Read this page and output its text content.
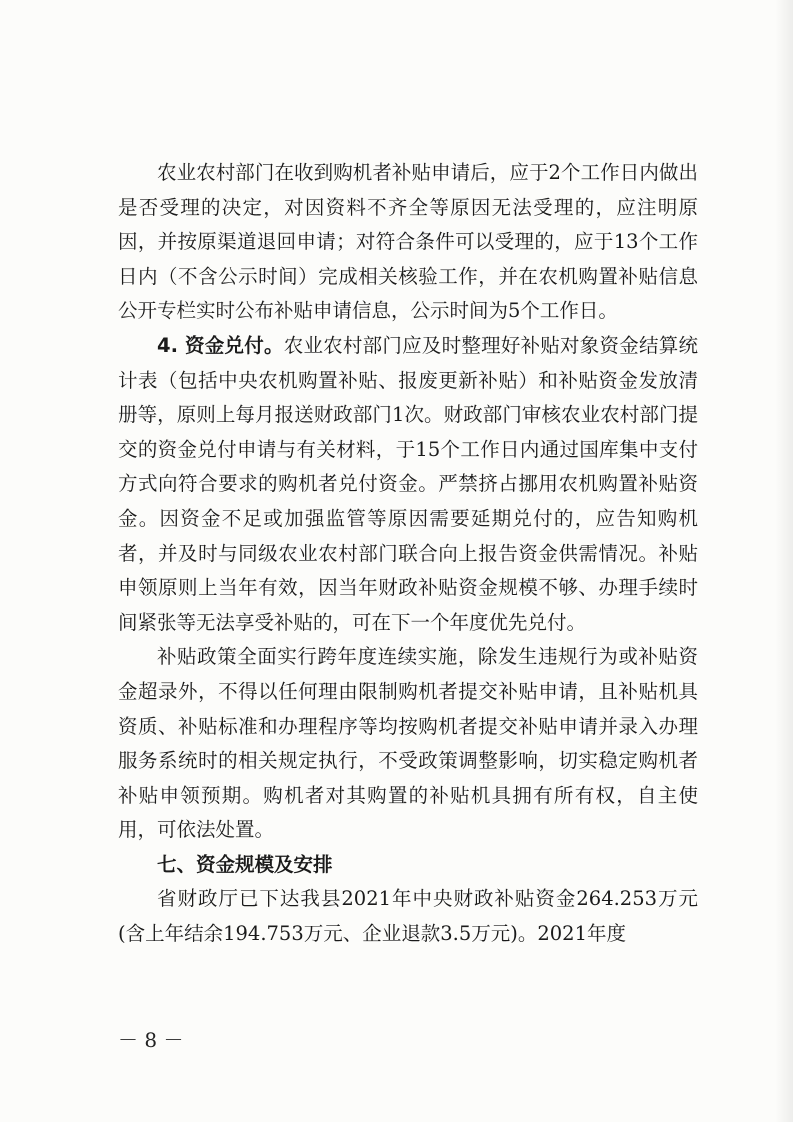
农业农村部门在收到购机者补贴申请后，应于2个工作日内做出是否受理的决定，对因资料不齐全等原因无法受理的，应注明原因，并按原渠道退回申请；对符合条件可以受理的，应于13个工作日内（不含公示时间）完成相关核验工作，并在农机购置补贴信息公开专栏实时公布补贴申请信息，公示时间为5个工作日。

4. 资金兑付。农业农村部门应及时整理好补贴对象资金结算统计表（包括中央农机购置补贴、报废更新补贴）和补贴资金发放清册等，原则上每月报送财政部门1次。财政部门审核农业农村部门提交的资金兑付申请与有关材料，于15个工作日内通过国库集中支付方式向符合要求的购机者兑付资金。严禁挤占挪用农机购置补贴资金。因资金不足或加强监管等原因需要延期兑付的，应告知购机者，并及时与同级农业农村部门联合向上报告资金供需情况。补贴申领原则上当年有效，因当年财政补贴资金规模不够、办理手续时间紧张等无法享受补贴的，可在下一个年度优先兑付。

补贴政策全面实行跨年度连续实施，除发生违规行为或补贴资金超录外，不得以任何理由限制购机者提交补贴申请，且补贴机具资质、补贴标准和办理程序等均按购机者提交补贴申请并录入办理服务系统时的相关规定执行，不受政策调整影响，切实稳定购机者补贴申领预期。购机者对其购置的补贴机具拥有所有权，自主使用，可依法处置。

七、资金规模及安排

省财政厅已下达我县2021年中央财政补贴资金264.253万元(含上年结余194.753万元、企业退款3.5万元)。2021年度

－ 8 －
